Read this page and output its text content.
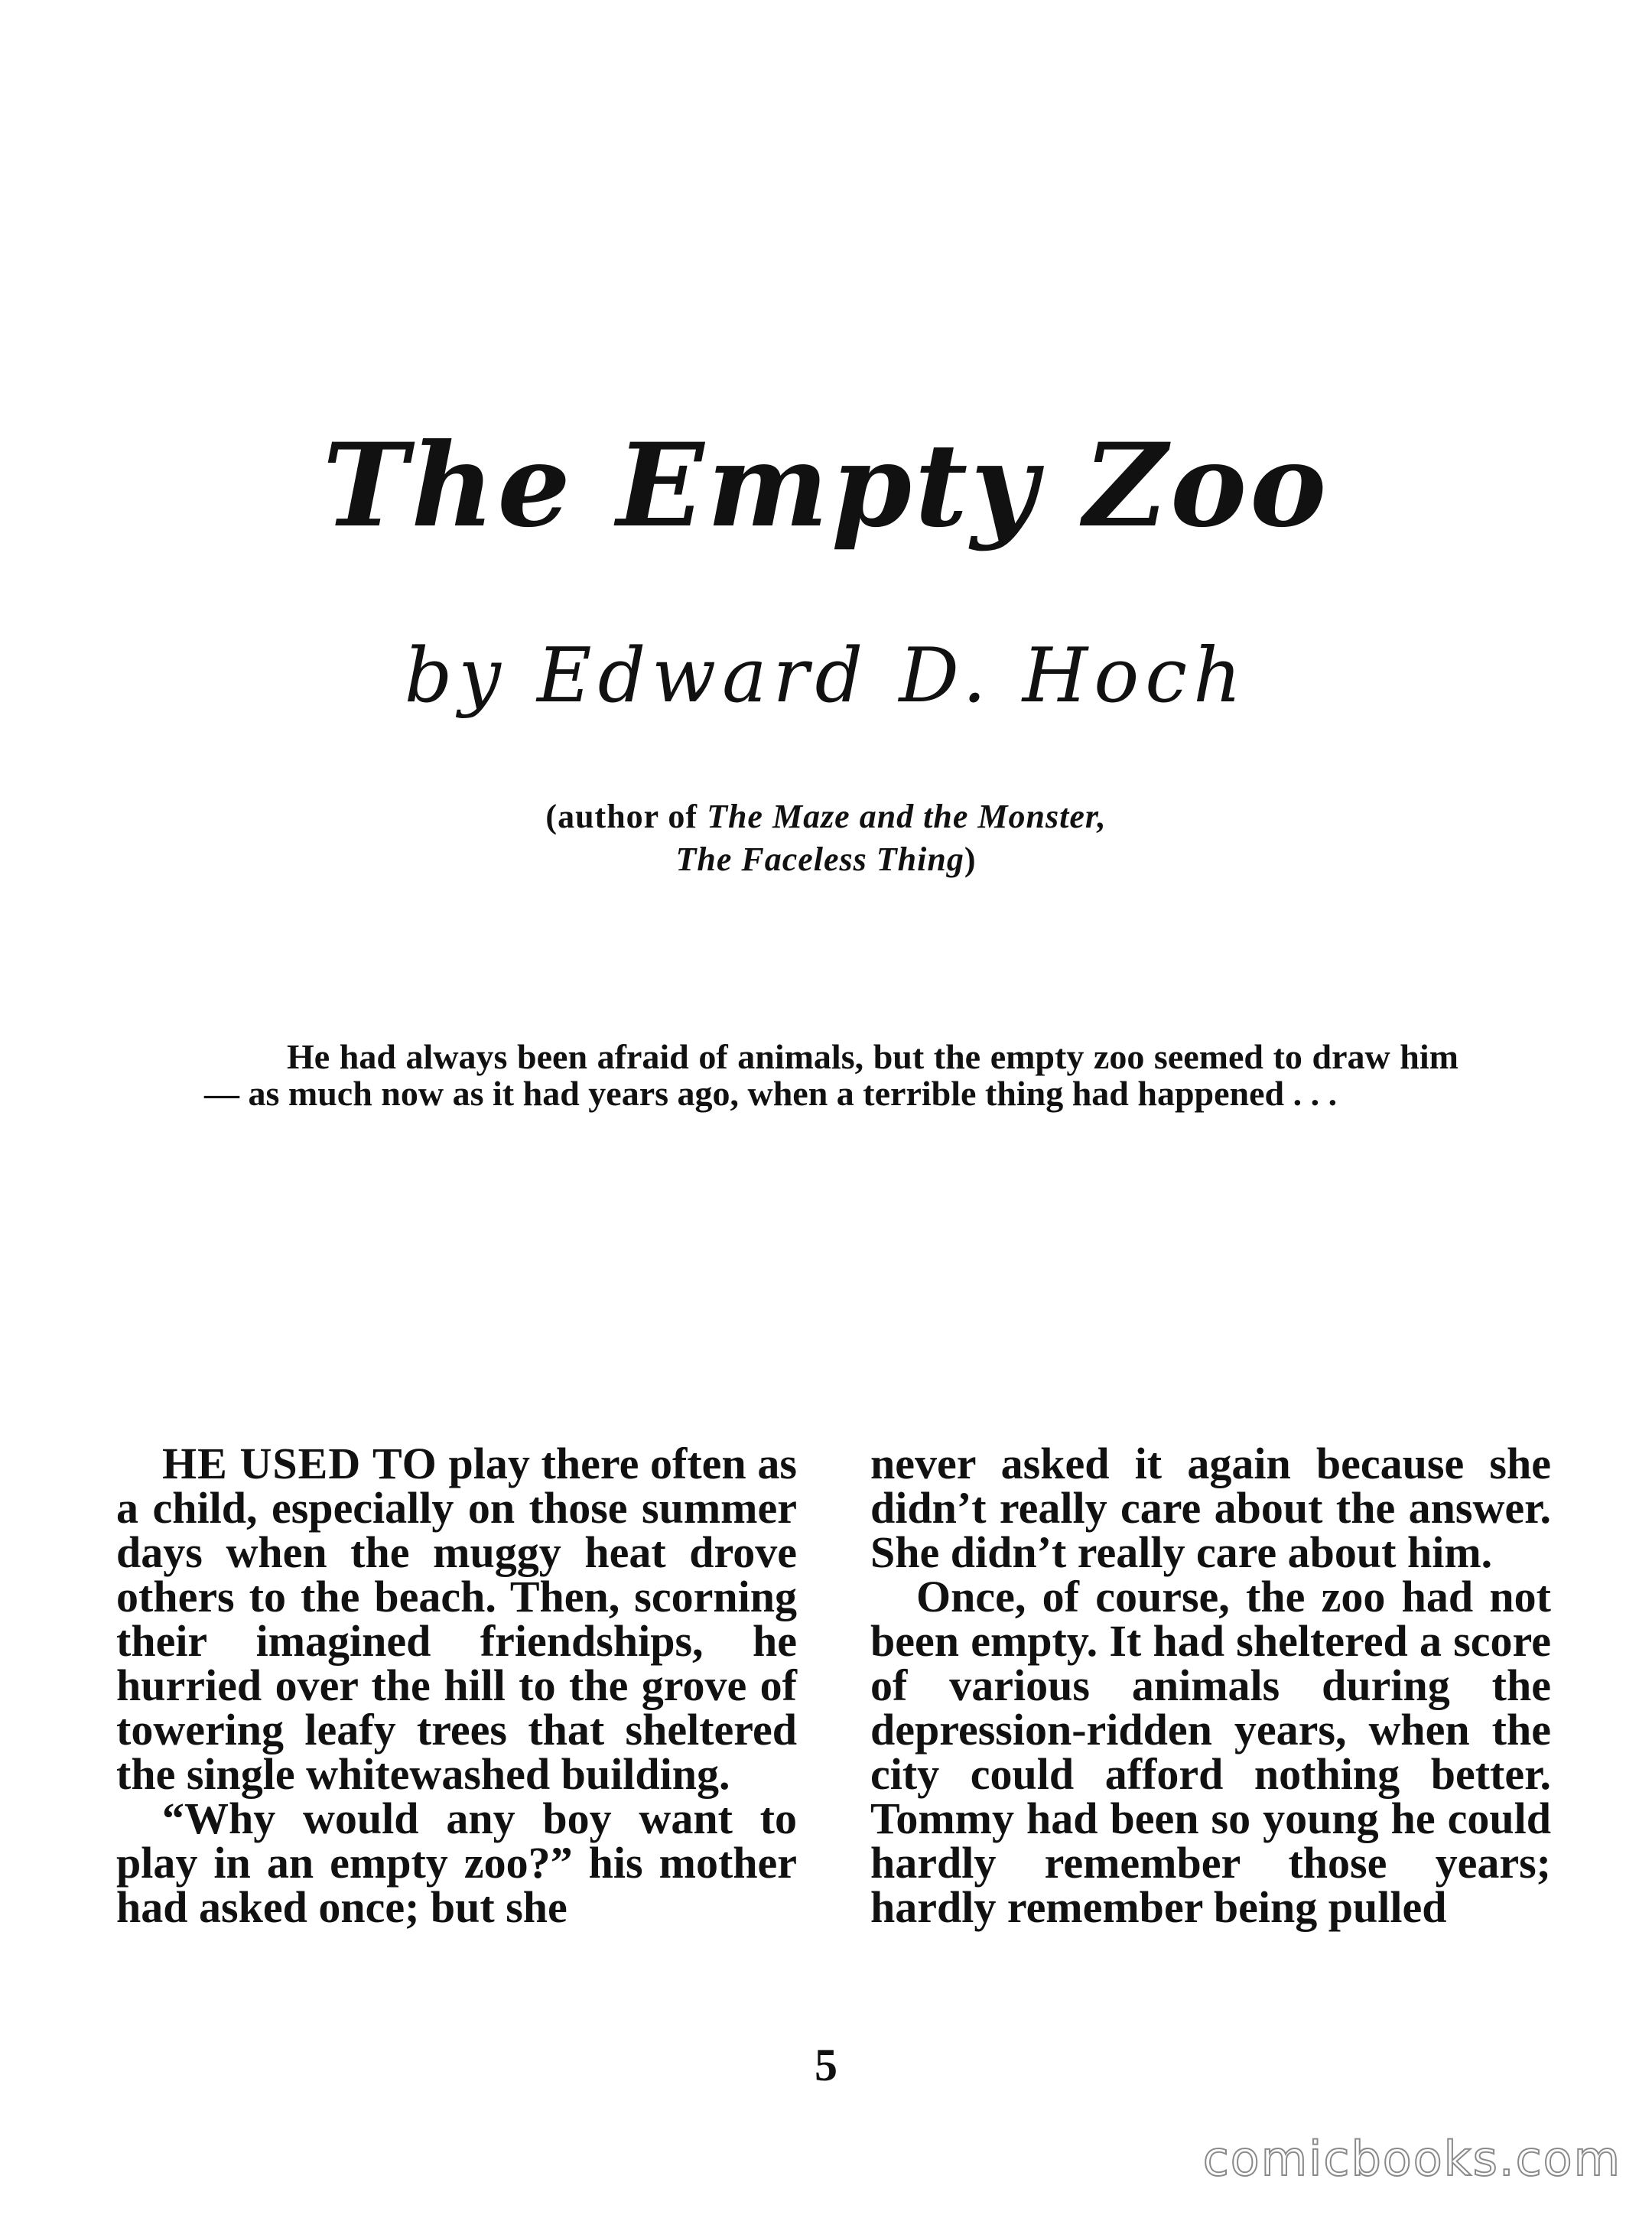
The Empty Zoo
by Edward D. Hoch
(author of The Maze and the Monster,
The Faceless Thing)
He had always been afraid of animals, but the empty zoo seemed to draw him — as much now as it had years ago, when a terrible thing had happened . . .

HE USED TO play there often as a child, especially on those summer days when the muggy heat drove others to the beach. Then, scorning their imagined friendships, he hurried over the hill to the grove of towering leafy trees that sheltered the single whitewashed building.

“Why would any boy want to play in an empty zoo?” his mother had asked once; but she

never asked it again because she didn’t really care about the answer. She didn’t really care about him.

Once, of course, the zoo had not been empty. It had sheltered a score of various animals during the depression-ridden years, when the city could afford nothing better. Tommy had been so young he could hardly remember those years; hardly remember being pulled

5
comicbooks.com
